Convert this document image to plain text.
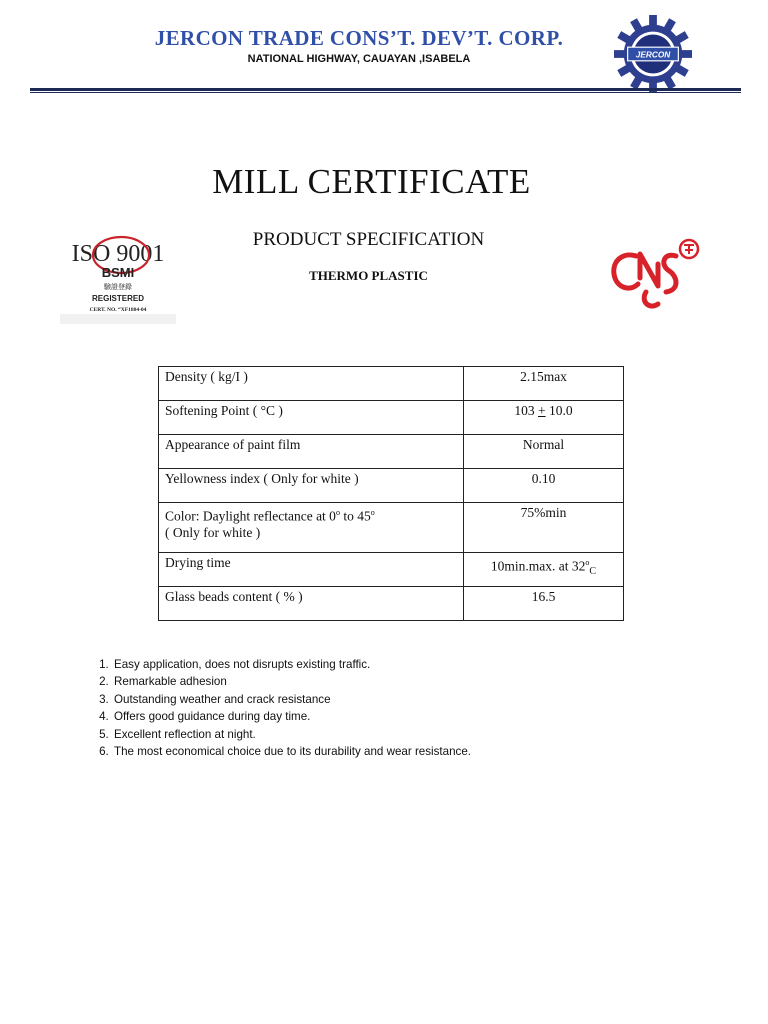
JERCON TRADE CONS’T. DEV’T. CORP.
NATIONAL HIGHWAY, CAUAYAN ,ISABELA	JERCON
MILL CERTIFICATE
PRODUCT SPECIFICATION
THERMO PLASTIC
ISO 9001
BSMI
驗證登錄
REGISTERED
CERT. NO. “XF1804-04
Density ( kg/I )	2.15max
Softening Point ( °C )	103 + 10.0
Appearance of paint film	Normal
Yellowness index ( Only for white )	0.10
Color: Daylight reflectance at 0$^o$ to 45$^o$
( Only for white )	75%min
Drying time	10min.max. at $32^o_C$
Glass beads content ( % )	16.5
1. Easy application, does not disrupts existing traffic.
2. Remarkable adhesion
3. Outstanding weather and crack resistance
4. Offers good guidance during day time.
5. Excellent reflection at night.
6. The most economical choice due to its durability and wear resistance.
